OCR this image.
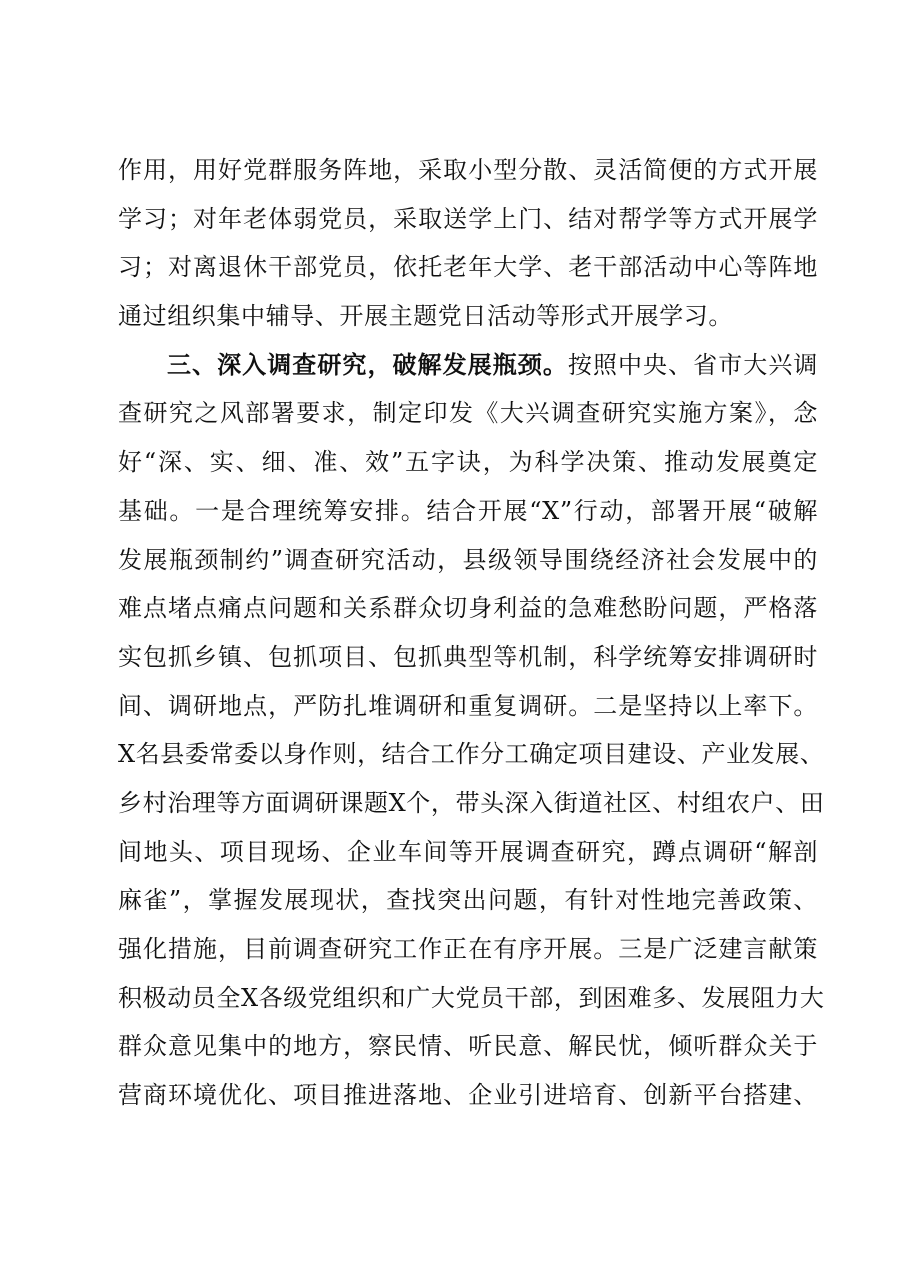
作用，用好党群服务阵地，采取小型分散、灵活简便的方式开展
学习；对年老体弱党员，采取送学上门、结对帮学等方式开展学
习；对离退休干部党员，依托老年大学、老干部活动中心等阵地
通过组织集中辅导、开展主题党日活动等形式开展学习。
三、深入调查研究，破解发展瓶颈。按照中央、省市大兴调
查研究之风部署要求，制定印发《大兴调查研究实施方案》，念
好“深、实、细、准、效”五字诀，为科学决策、推动发展奠定
基础。一是合理统筹安排。结合开展“X”行动，部署开展“破解
发展瓶颈制约”调查研究活动，县级领导围绕经济社会发展中的
难点堵点痛点问题和关系群众切身利益的急难愁盼问题，严格落
实包抓乡镇、包抓项目、包抓典型等机制，科学统筹安排调研时
间、调研地点，严防扎堆调研和重复调研。二是坚持以上率下。
X名县委常委以身作则，结合工作分工确定项目建设、产业发展、
乡村治理等方面调研课题X个，带头深入街道社区、村组农户、田
间地头、项目现场、企业车间等开展调查研究，蹲点调研“解剖
麻雀”，掌握发展现状，查找突出问题，有针对性地完善政策、
强化措施，目前调查研究工作正在有序开展。三是广泛建言献策
积极动员全X各级党组织和广大党员干部，到困难多、发展阻力大
群众意见集中的地方，察民情、听民意、解民忧，倾听群众关于
营商环境优化、项目推进落地、企业引进培育、创新平台搭建、
